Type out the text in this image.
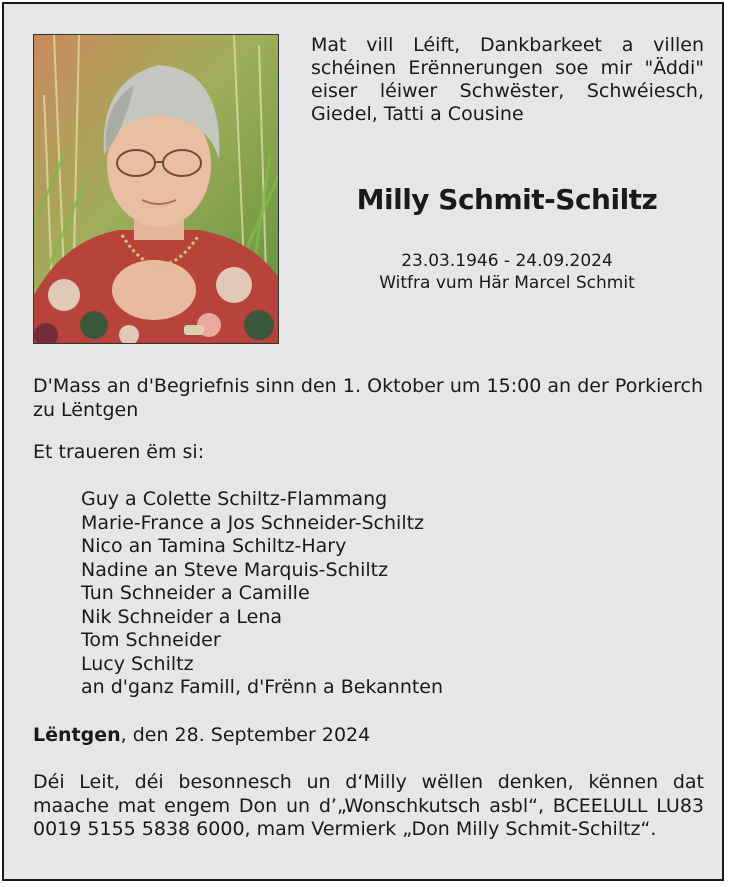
Mat vill Léift, Dankbarkeet a villen schéinen Erënnerungen soe mir "Äddi" eiser léiwer Schwëster, Schwéiesch, Giedel, Tatti a Cousine

Milly Schmit-Schiltz
23.03.1946 - 24.09.2024
Witfra vum Här Marcel Schmit

D'Mass an d'Begriefnis sinn den 1. Oktober um 15:00 an der Porkierch zu Lëntgen

Et traueren ëm si:

Guy a Colette Schiltz-Flammang
Marie-France a Jos Schneider-Schiltz
Nico an Tamina Schiltz-Hary
Nadine an Steve Marquis-Schiltz
Tun Schneider a Camille
Nik Schneider a Lena
Tom Schneider
Lucy Schiltz
an d'ganz Famill, d'Frënn a Bekannten

Lëntgen, den 28. September 2024

Déi Leit, déi besonnesch un d‘Milly wëllen denken, kënnen dat maache mat engem Don un d’„Wonschkutsch asbl“, BCEELULL LU83 0019 5155 5838 6000, mam Vermierk „Don Milly Schmit-Schiltz“.
